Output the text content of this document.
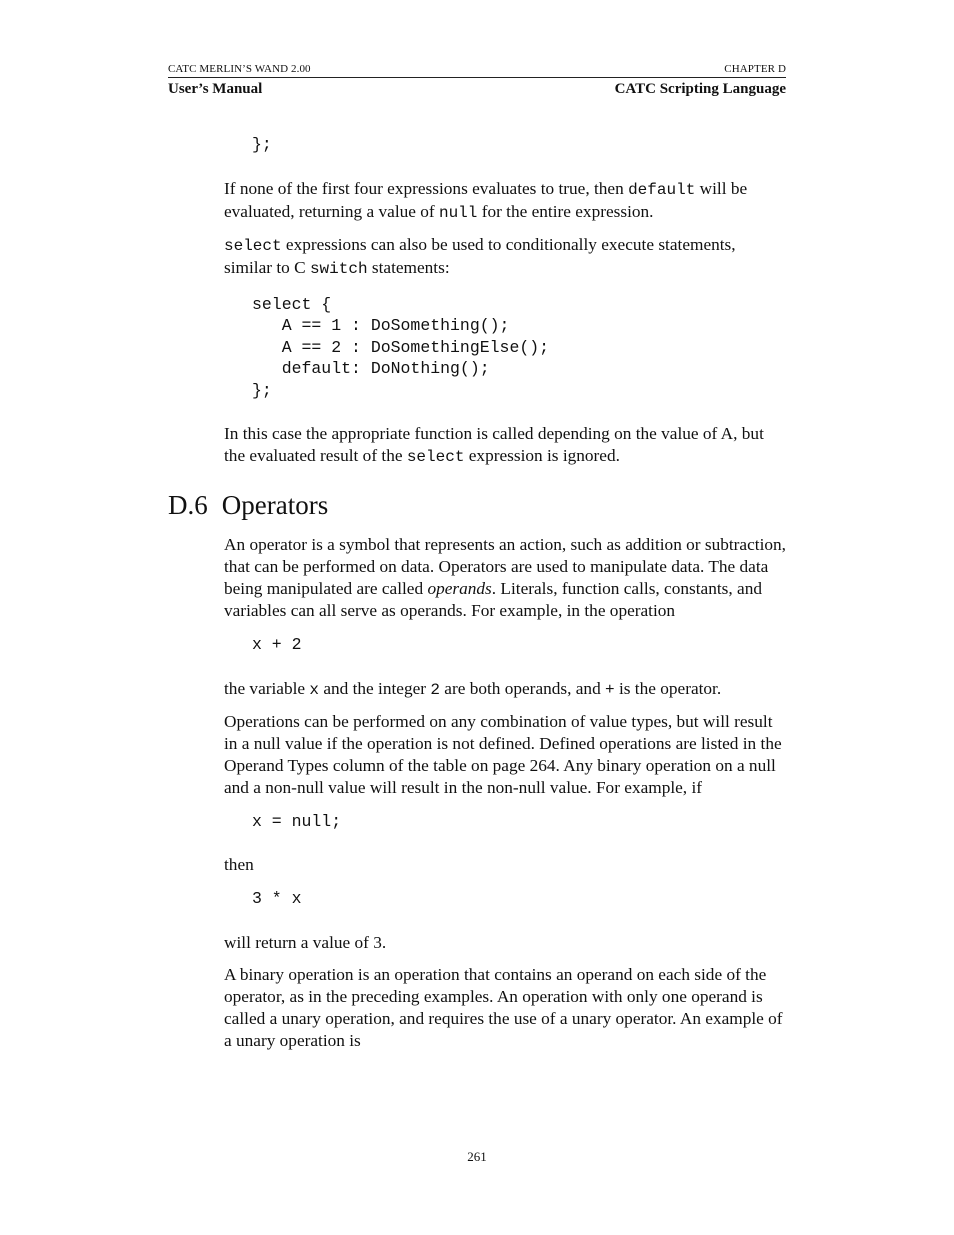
CATC MERLIN’S WAND 2.00	CHAPTER D
User’s Manual	CATC Scripting Language
};

If none of the first four expressions evaluates to true, then default will be evaluated, returning a value of null for the entire expression.

select expressions can also be used to conditionally execute statements, similar to C switch statements:

select {
A == 1 : DoSomething();
A == 2 : DoSomethingElse();
default: DoNothing();
};

In this case the appropriate function is called depending on the value of A, but the evaluated result of the select expression is ignored.

D.6 Operators

An operator is a symbol that represents an action, such as addition or subtraction, that can be performed on data. Operators are used to manipulate data. The data being manipulated are called operands. Literals, function calls, constants, and variables can all serve as operands. For example, in the operation

x + 2

the variable x and the integer 2 are both operands, and + is the operator.

Operations can be performed on any combination of value types, but will result in a null value if the operation is not defined. Defined operations are listed in the Operand Types column of the table on page 264. Any binary operation on a null and a non-null value will result in the non-null value. For example, if

x = null;

then

3 * x

will return a value of 3.

A binary operation is an operation that contains an operand on each side of the operator, as in the preceding examples. An operation with only one operand is called a unary operation, and requires the use of a unary operator. An example of a unary operation is

261
